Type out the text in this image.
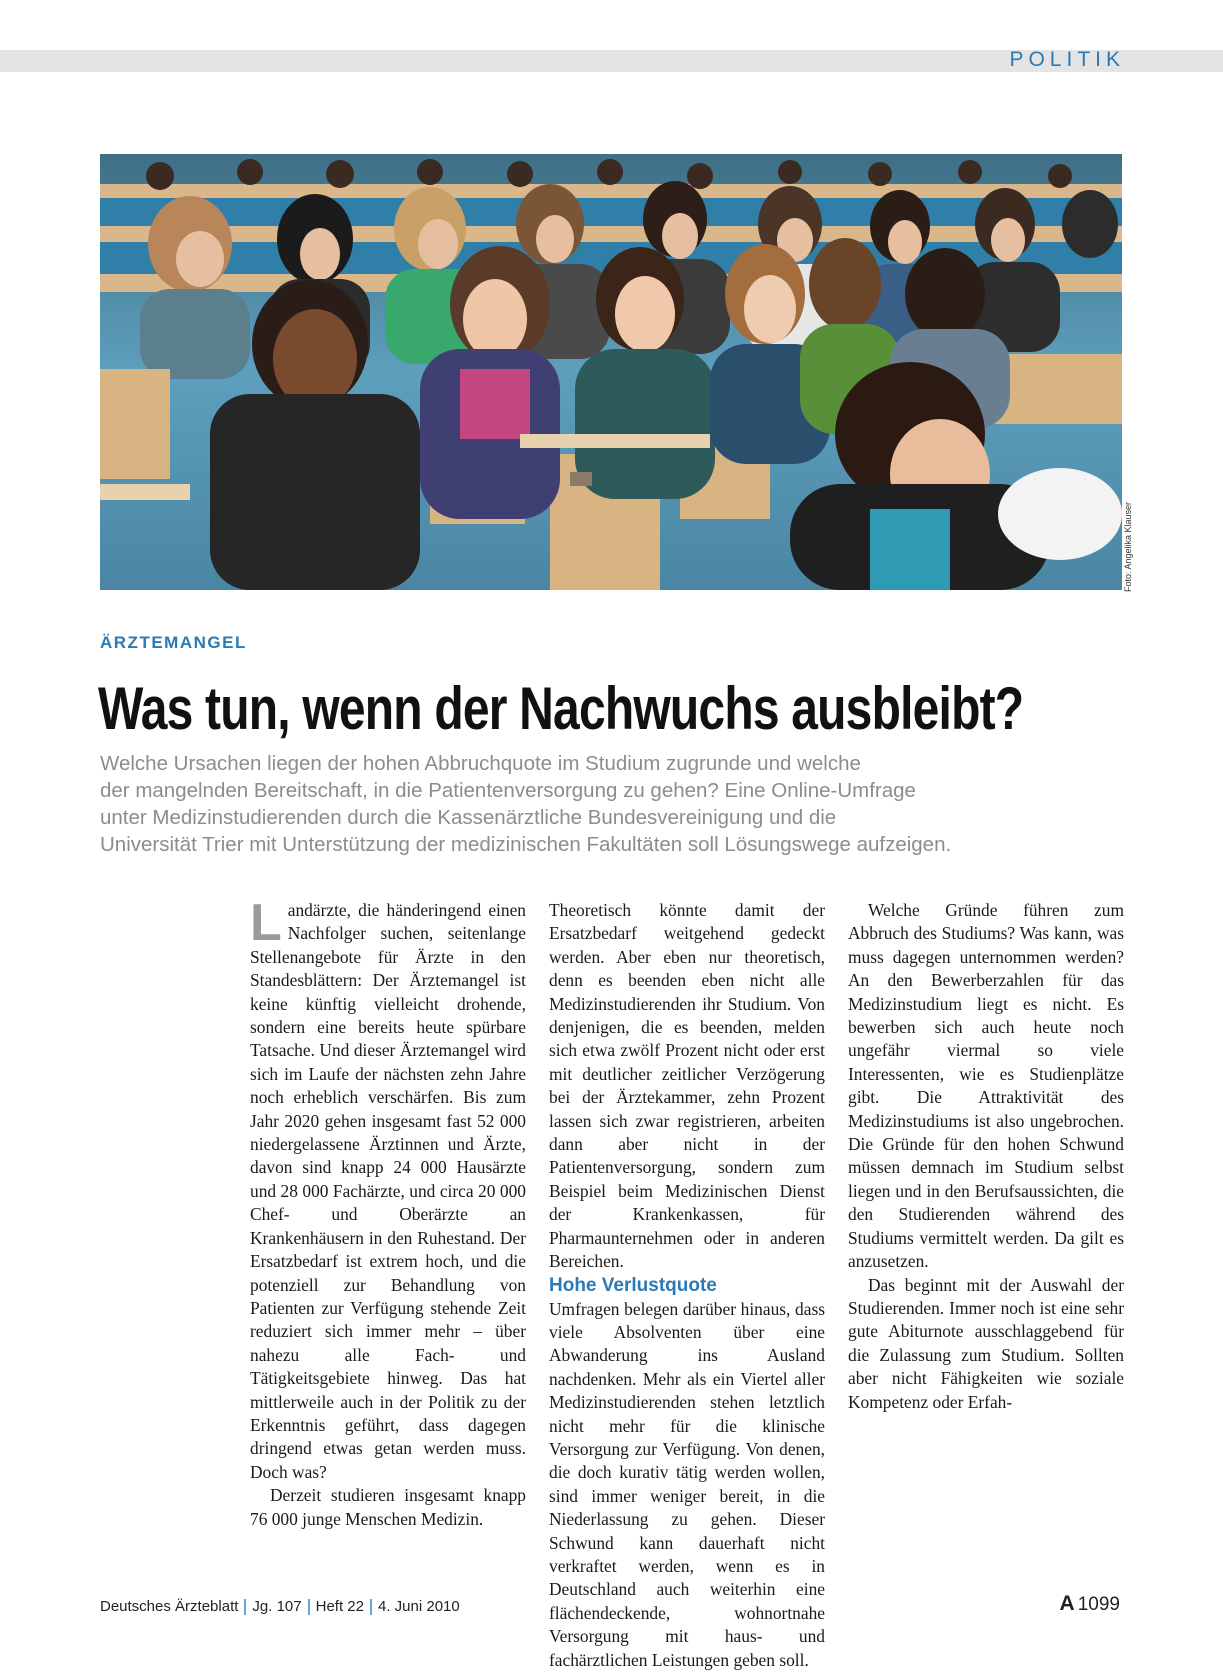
POLITIK
Foto: Angelika Klauser
ÄRZTEMANGEL
Was tun, wenn der Nachwuchs ausbleibt?
Welche Ursachen liegen der hohen Abbruchquote im Studium zugrunde und welche
der mangelnden Bereitschaft, in die Patientenversorgung zu gehen? Eine Online-Umfrage
unter Medizinstudierenden durch die Kassenärztliche Bundesvereinigung und die
Universität Trier mit Unterstützung der medizinischen Fakultäten soll Lösungswege aufzeigen.

Landärzte, die händeringend einen Nachfolger suchen, seitenlange Stellenangebote für Ärzte in den Standesblättern: Der Ärztemangel ist keine künftig vielleicht drohende, sondern eine bereits heute spürbare Tatsache. Und dieser Ärztemangel wird sich im Laufe der nächsten zehn Jahre noch erheblich verschärfen. Bis zum Jahr 2020 gehen insgesamt fast 52 000 niedergelassene Ärztinnen und Ärzte, davon sind knapp 24 000 Hausärzte und 28 000 Fachärzte, und circa 20 000 Chef- und Oberärzte an Krankenhäusern in den Ruhestand. Der Ersatzbedarf ist extrem hoch, und die potenziell zur Behandlung von Patienten zur Verfügung stehende Zeit reduziert sich immer mehr – über nahezu alle Fach- und Tätigkeitsgebiete hinweg. Das hat mittlerweile auch in der Politik zu der Erkenntnis geführt, dass dagegen dringend etwas getan werden muss. Doch was?

Derzeit studieren insgesamt knapp 76 000 junge Menschen Medizin.

Theoretisch könnte damit der Ersatzbedarf weitgehend gedeckt werden. Aber eben nur theoretisch, denn es beenden eben nicht alle Medizinstudierenden ihr Studium. Von denjenigen, die es beenden, melden sich etwa zwölf Prozent nicht oder erst mit deutlicher zeitlicher Verzögerung bei der Ärztekammer, zehn Prozent lassen sich zwar registrieren, arbeiten dann aber nicht in der Patientenversorgung, sondern zum Beispiel beim Medizinischen Dienst der Krankenkassen, für Pharmaunternehmen oder in anderen Bereichen.

Hohe Verlustquote

Umfragen belegen darüber hinaus, dass viele Absolventen über eine Abwanderung ins Ausland nachdenken. Mehr als ein Viertel aller Medizinstudierenden stehen letztlich nicht mehr für die klinische Versorgung zur Verfügung. Von denen, die doch kurativ tätig werden wollen, sind immer weniger bereit, in die Niederlassung zu gehen. Dieser Schwund kann dauerhaft nicht verkraftet werden, wenn es in Deutschland auch weiterhin eine flächendeckende, wohnortnahe Versorgung mit haus- und fachärztlichen Leistungen geben soll.

Welche Gründe führen zum Abbruch des Studiums? Was kann, was muss dagegen unternommen werden? An den Bewerberzahlen für das Medizinstudium liegt es nicht. Es bewerben sich auch heute noch ungefähr viermal so viele Interessenten, wie es Studienplätze gibt. Die Attraktivität des Medizinstudiums ist also ungebrochen. Die Gründe für den hohen Schwund müssen demnach im Studium selbst liegen und in den Berufsaussichten, die den Studierenden während des Studiums vermittelt werden. Da gilt es anzusetzen.

Das beginnt mit der Auswahl der Studierenden. Immer noch ist eine sehr gute Abiturnote ausschlaggebend für die Zulassung zum Studium. Sollten aber nicht Fähigkeiten wie soziale Kompetenz oder Erfah-

Deutsches Ärzteblatt Jg. 107 Heft 22 4. Juni 2010	A 1099
